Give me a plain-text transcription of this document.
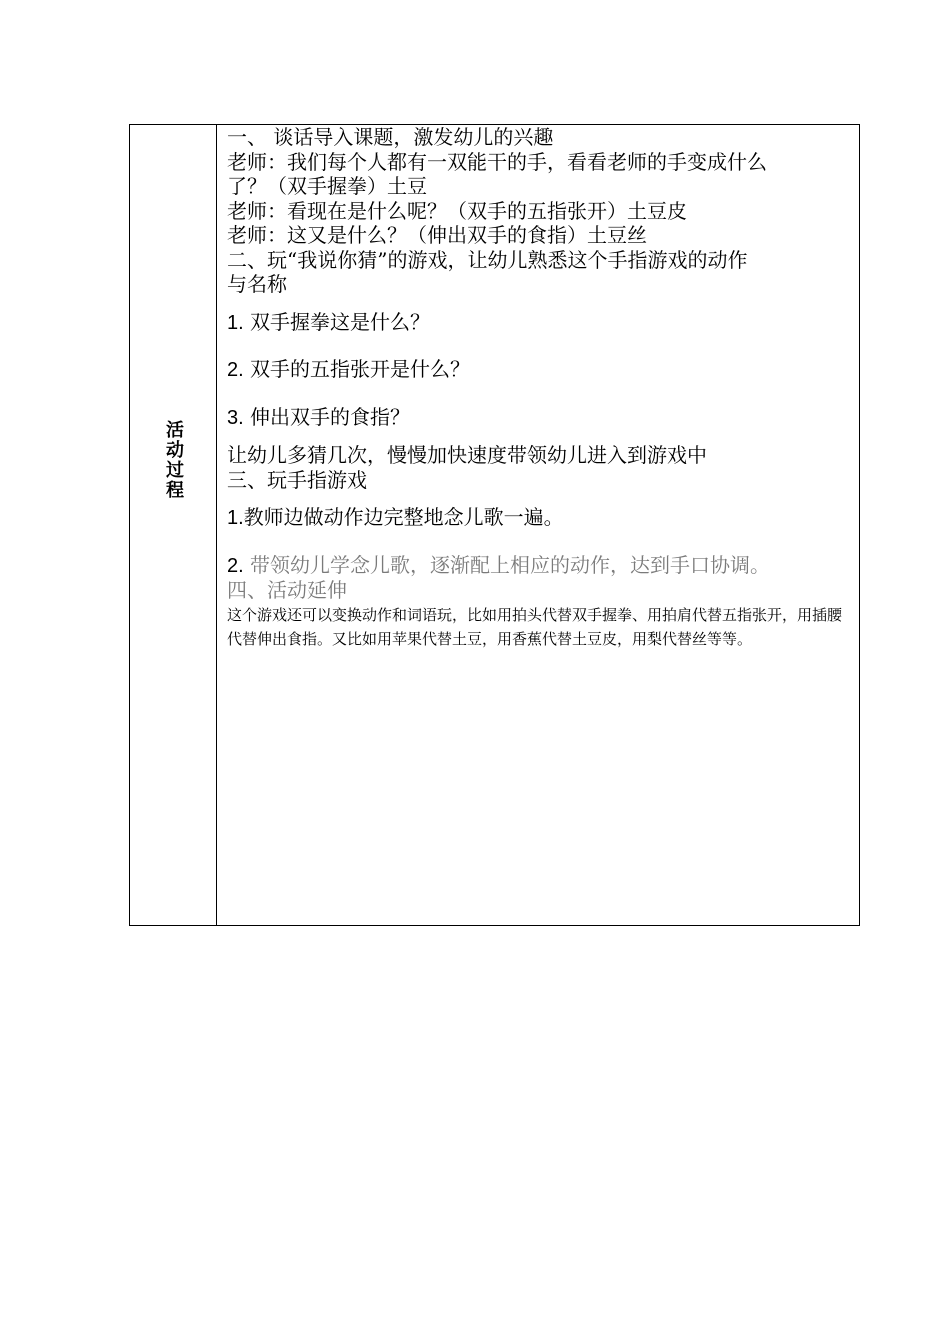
活动过程

一、 谈话导入课题，激发幼儿的兴趣

老师：我们每个人都有一双能干的手，看看老师的手变成什么

了？（双手握拳）土豆

老师：看现在是什么呢？（双手的五指张开）土豆皮

老师：这又是什么？（伸出双手的食指）土豆丝

二、玩“我说你猜”的游戏，让幼儿熟悉这个手指游戏的动作

与名称

1. 双手握拳这是什么？

2. 双手的五指张开是什么？

3. 伸出双手的食指？

让幼儿多猜几次，慢慢加快速度带领幼儿进入到游戏中

三、玩手指游戏

1.教师边做动作边完整地念儿歌一遍。

2. 带领幼儿学念儿歌，逐渐配上相应的动作，达到手口协调。

四、活动延伸

这个游戏还可以变换动作和词语玩，比如用拍头代替双手握拳、用拍肩代替五指张开，用插腰代替伸出食指。又比如用苹果代替土豆，用香蕉代替土豆皮，用梨代替丝等等。
